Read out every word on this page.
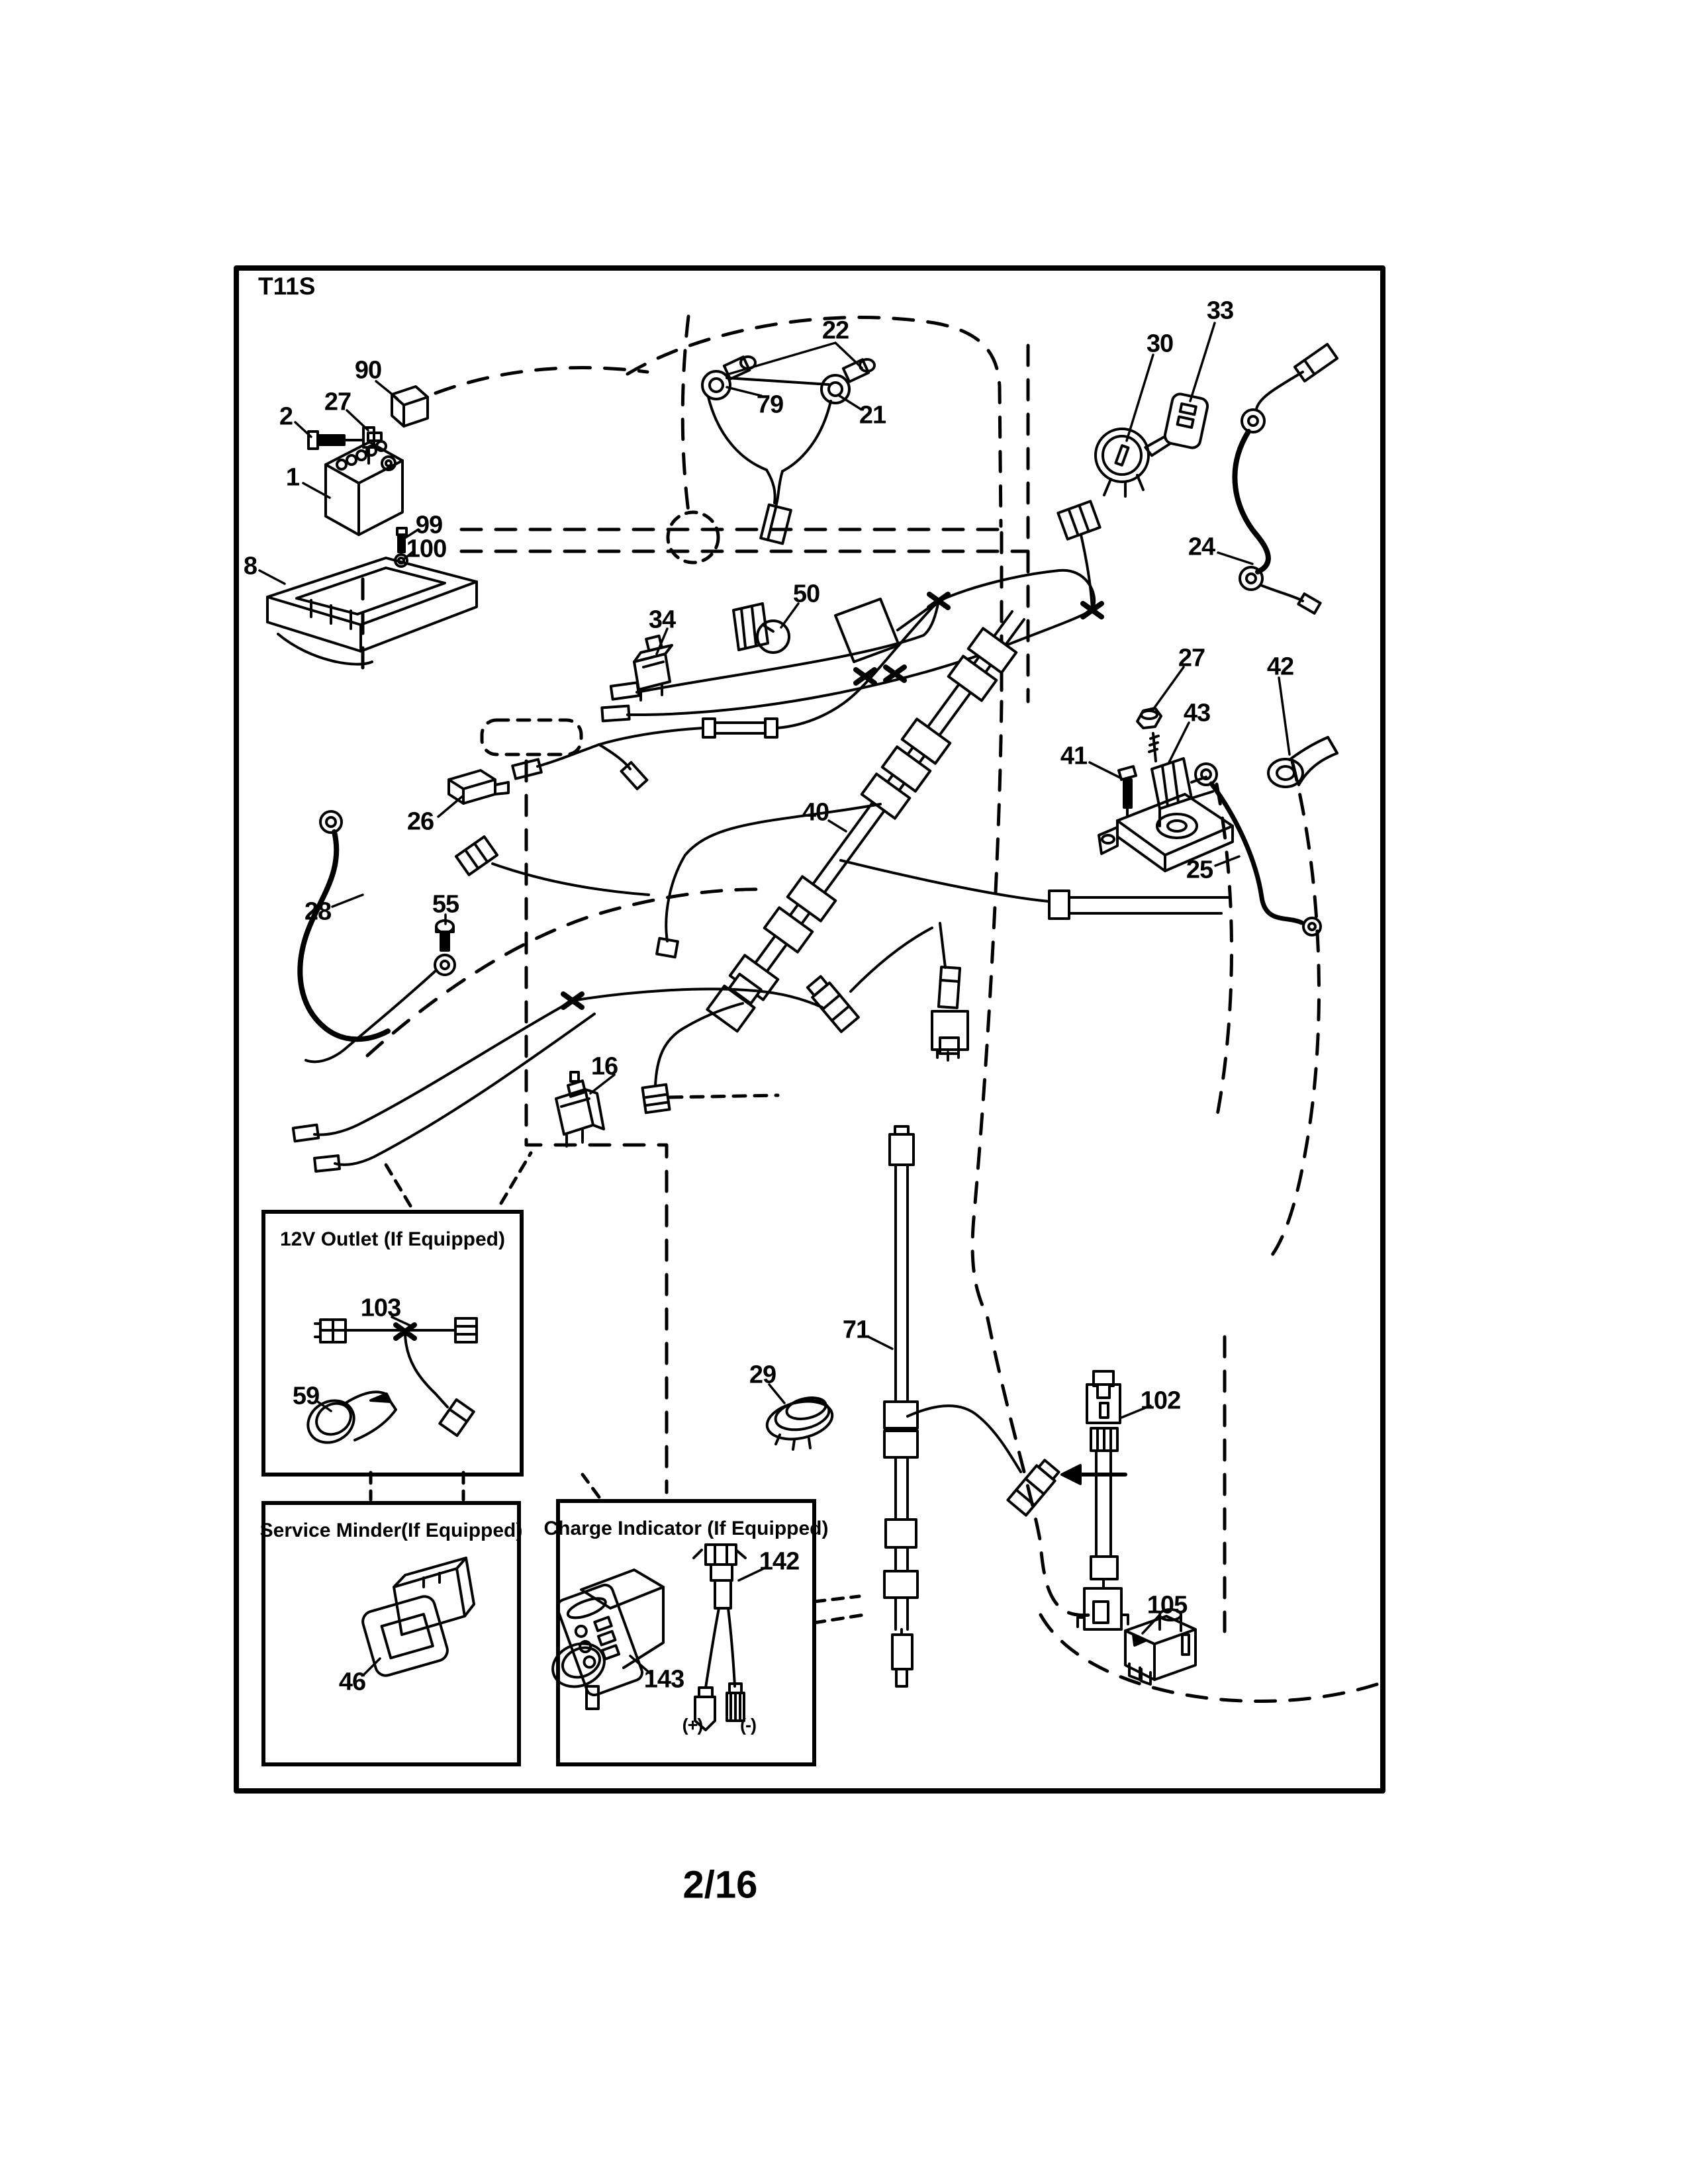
12V Outlet (If Equipped)
Service Minder(If Equipped) Charge Indicator (If Equipped)
T11S
2/16
90
27
2
1
99
100
8
22
79	21
30
33
24
34
50
27 42
43
41
25
26	40
28	55
16
29
71
102
103
59
46
142
143
(+) (-)
105
